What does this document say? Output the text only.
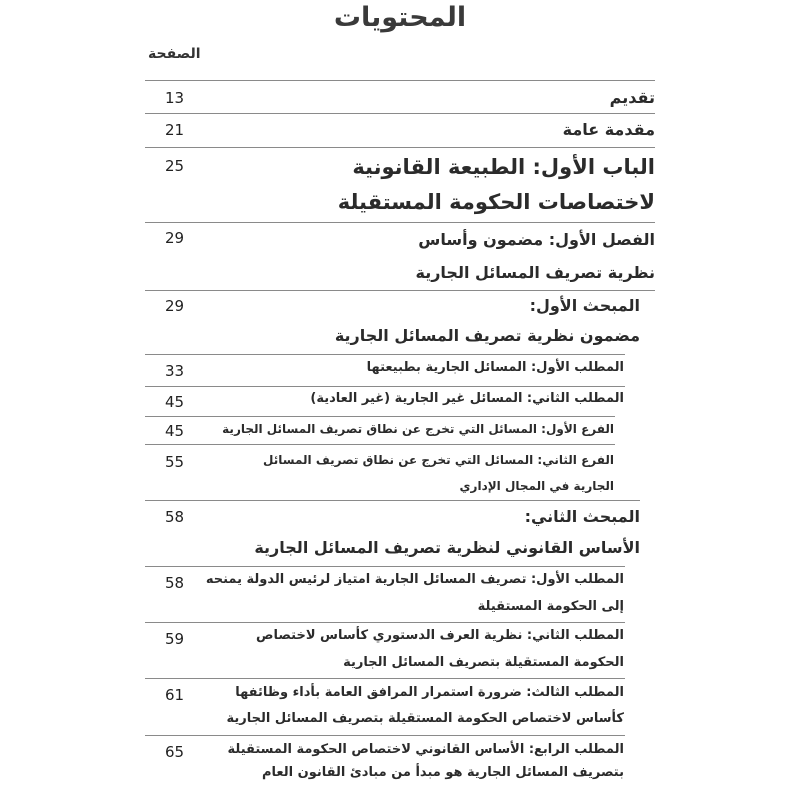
المحتويات
الصفحة
13	تقديم
21	مقدمة عامة
25	الباب الأول: الطبيعة القانونية
لاختصاصات الحكومة المستقيلة
29	الفصل الأول: مضمون وأساس
نظرية تصريف المسائل الجارية
29	المبحث الأول:
مضمون نظرية تصريف المسائل الجارية
33	المطلب الأول: المسائل الجارية بطبيعتها
45	المطلب الثاني: المسائل غير الجارية (غير العادية)
45	الفرع الأول: المسائل التي تخرج عن نطاق تصريف المسائل الجارية
55	الفرع الثاني: المسائل التي تخرج عن نطاق تصريف المسائل
الجارية في المجال الإداري
58	المبحث الثاني:
الأساس القانوني لنظرية تصريف المسائل الجارية
58 المطلب الأول: تصريف المسائل الجارية امتياز لرئيس الدولة يمنحه
إلى الحكومة المستقيلة
59	المطلب الثاني: نظرية العرف الدستوري كأساس لاختصاص
الحكومة المستقيلة بتصريف المسائل الجارية
61	المطلب الثالث: ضرورة استمرار المرافق العامة بأداء وظائفها
كأساس لاختصاص الحكومة المستقيلة بتصريف المسائل الجارية
65	المطلب الرابع: الأساس القانوني لاختصاص الحكومة المستقيلة
بتصريف المسائل الجارية هو مبدأ من مبادئ القانون العام
